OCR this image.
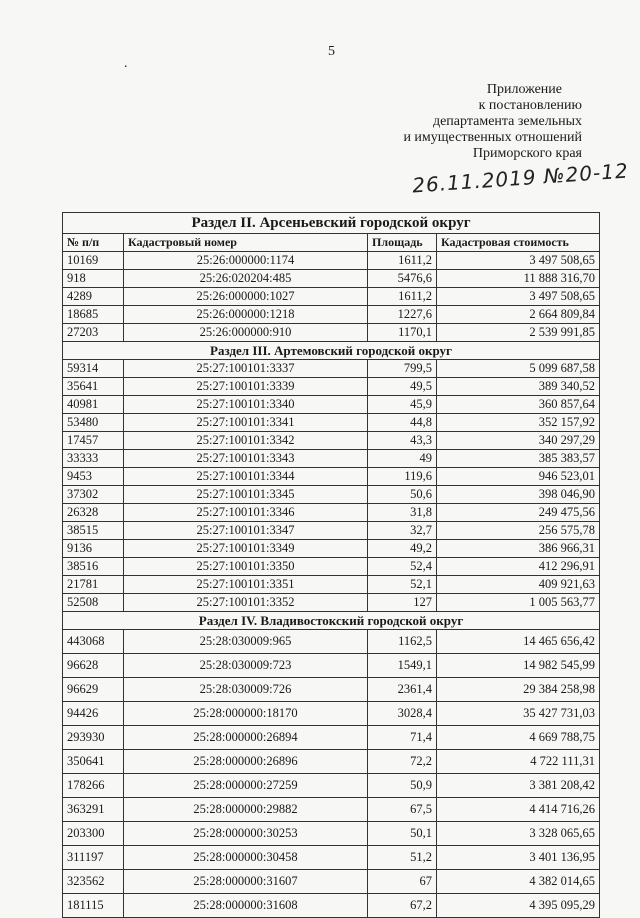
5
.
Приложение
к постановлению
департамента земельных
и имущественных отношений
Приморского края
26.11.2019 №20-12
Раздел II. Арсеньевский городской округ			
№ п/п	Кадастровый номер	Площадь	Кадастровая стоимость
10169	25:26:000000:1174	1611,2	3 497 508,65
918	25:26:020204:485	5476,6	11 888 316,70
4289	25:26:000000:1027	1611,2	3 497 508,65
18685	25:26:000000:1218	1227,6	2 664 809,84
27203	25:26:000000:910	1170,1	2 539 991,85
Раздел III. Артемовский городской округ			
59314	25:27:100101:3337	799,5	5 099 687,58
35641	25:27:100101:3339	49,5	389 340,52
40981	25:27:100101:3340	45,9	360 857,64
53480	25:27:100101:3341	44,8	352 157,92
17457	25:27:100101:3342	43,3	340 297,29
33333	25:27:100101:3343	49	385 383,57
9453	25:27:100101:3344	119,6	946 523,01
37302	25:27:100101:3345	50,6	398 046,90
26328	25:27:100101:3346	31,8	249 475,56
38515	25:27:100101:3347	32,7	256 575,78
9136	25:27:100101:3349	49,2	386 966,31
38516	25:27:100101:3350	52,4	412 296,91
21781	25:27:100101:3351	52,1	409 921,63
52508	25:27:100101:3352	127	1 005 563,77
Раздел IV. Владивостокский городской округ			
443068	25:28:030009:965	1162,5	14 465 656,42
96628	25:28:030009:723	1549,1	14 982 545,99
96629	25:28:030009:726	2361,4	29 384 258,98
94426	25:28:000000:18170	3028,4	35 427 731,03
293930	25:28:000000:26894	71,4	4 669 788,75
350641	25:28:000000:26896	72,2	4 722 111,31
178266	25:28:000000:27259	50,9	3 381 208,42
363291	25:28:000000:29882	67,5	4 414 716,26
203300	25:28:000000:30253	50,1	3 328 065,65
311197	25:28:000000:30458	51,2	3 401 136,95
323562	25:28:000000:31607	67	4 382 014,65
181115	25:28:000000:31608	67,2	4 395 095,29
